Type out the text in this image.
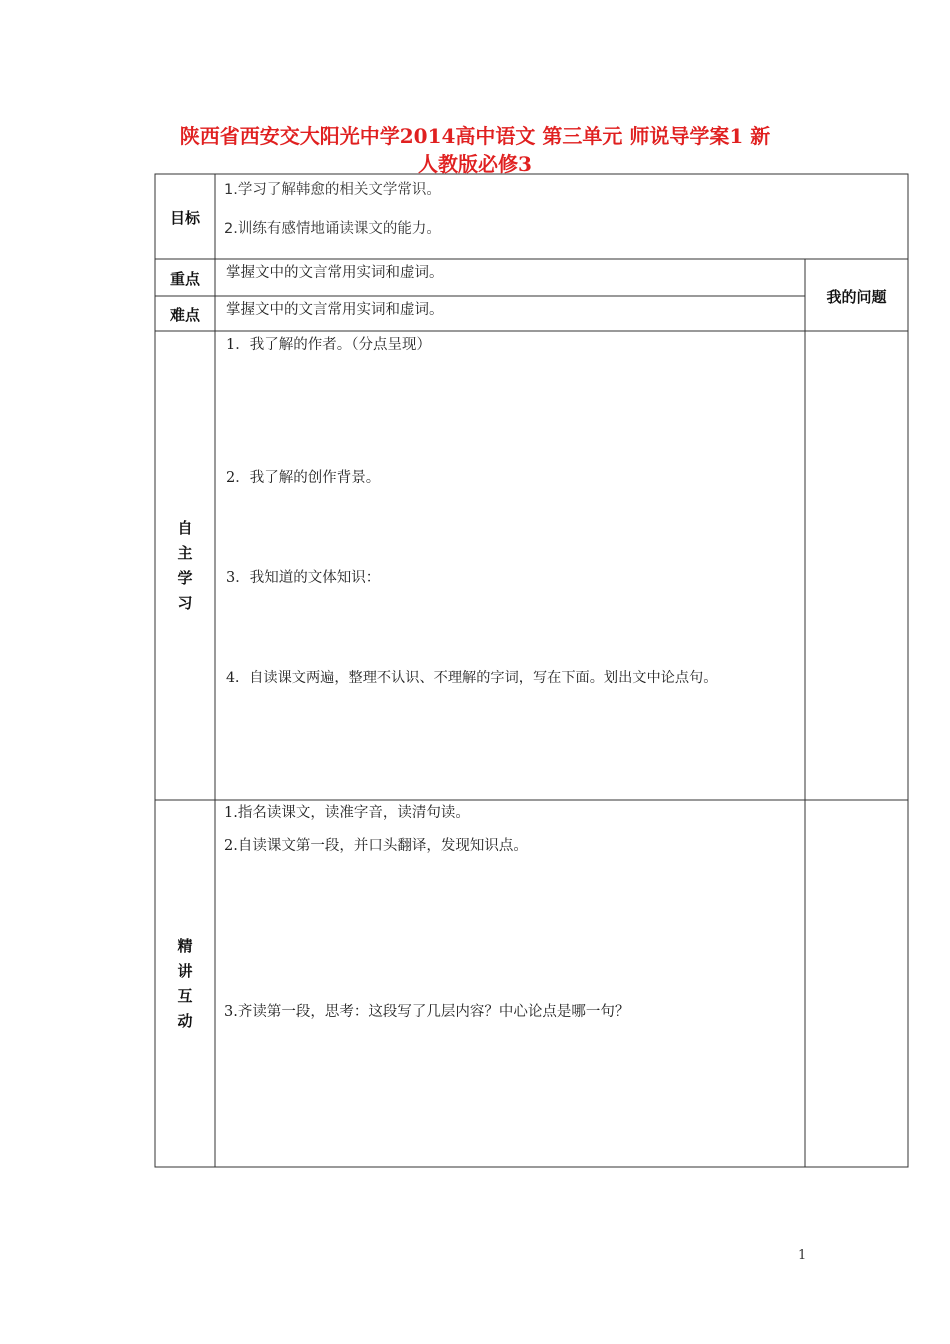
陕西省西安交大阳光中学2014高中语文 第三单元 师说导学案1 新
人教版必修3
目标
1.学习了解韩愈的相关文学常识。
2.训练有感情地诵读课文的能力。
重点	掌握文中的文言常用实词和虚词。
难点	掌握文中的文言常用实词和虚词。
我的问题
自主学习
1．我了解的作者。（分点呈现）
2．我了解的创作背景。
3．我知道的文体知识：
4．自读课文两遍，整理不认识、不理解的字词，写在下面。划出文中论点句。
精讲互动
1.指名读课文，读准字音，读清句读。
2.自读课文第一段，并口头翻译，发现知识点。
3.齐读第一段，思考：这段写了几层内容？中心论点是哪一句？
1
